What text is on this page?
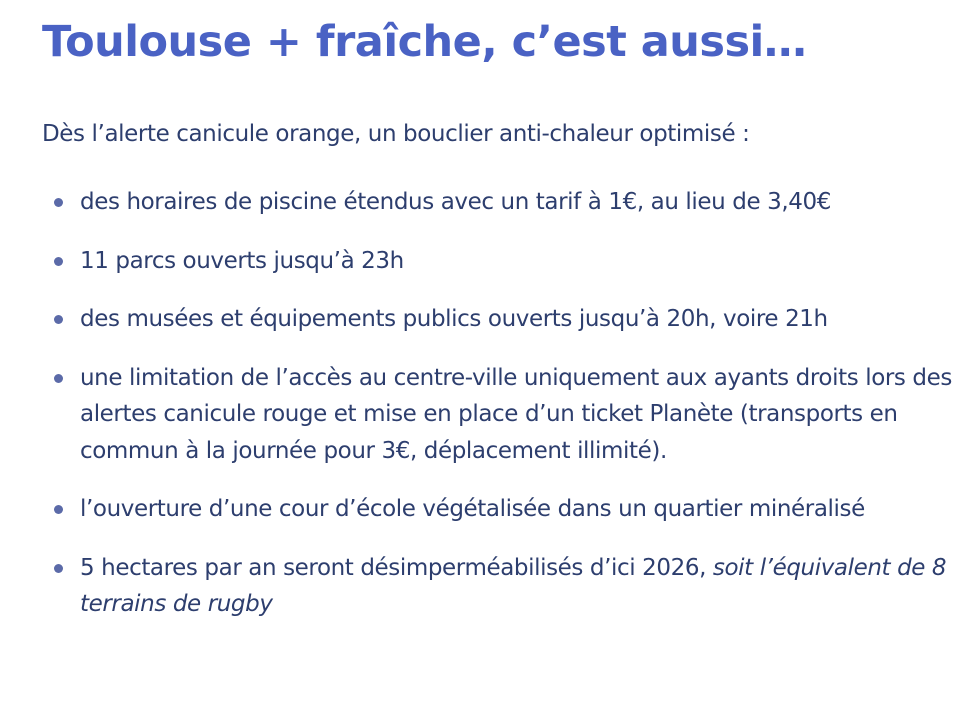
Toulouse + fraîche, c’est aussi…

Dès l’alerte canicule orange, un bouclier anti-chaleur optimisé :

des horaires de piscine étendus avec un tarif à 1€, au lieu de 3,40€
11 parcs ouverts jusqu’à 23h
des musées et équipements publics ouverts jusqu’à 20h, voire 21h
une limitation de l’accès au centre-ville uniquement aux ayants droits lors des alertes canicule rouge et mise en place d’un ticket Planète (transports en commun à la journée pour 3€, déplacement illimité).
l’ouverture d’une cour d’école végétalisée dans un quartier minéralisé
5 hectares par an seront désimperméabilisés d’ici 2026, soit l’équivalent de 8 terrains de rugby
